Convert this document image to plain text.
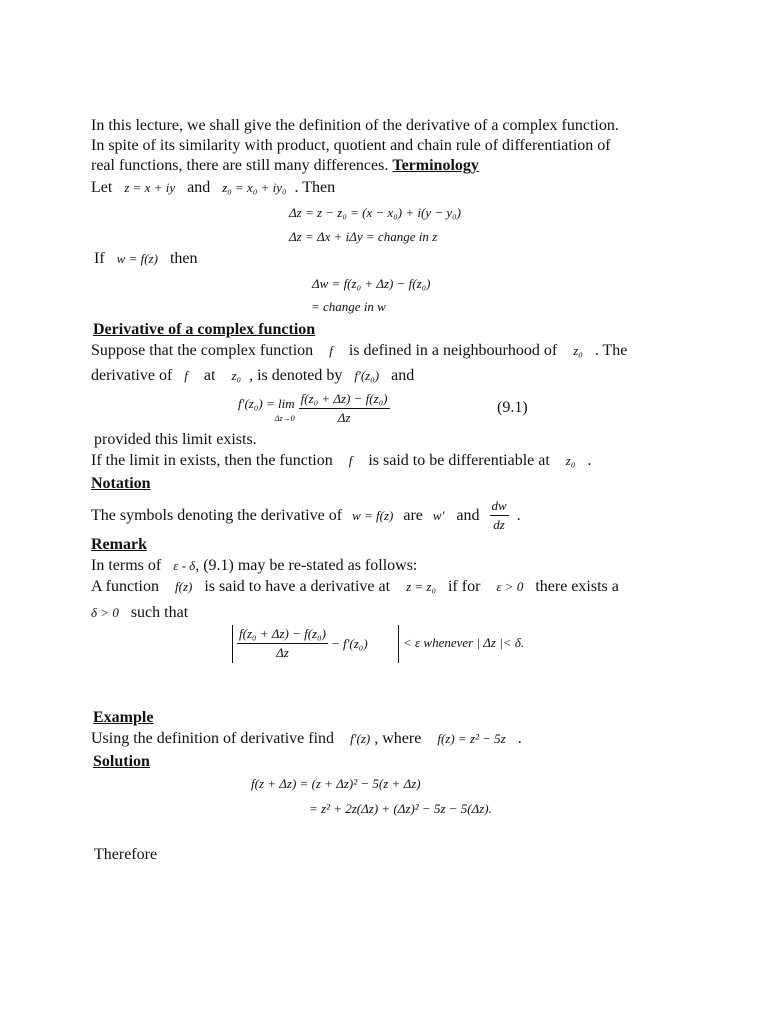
In this lecture, we shall give the definition of the derivative of a complex function.
In spite of its similarity with product, quotient and chain rule of differentiation of
real functions, there are still many differences. Terminology
Let z = x + iy and z₀ = x₀ + iy₀ . Then
Δz = z − z₀ = (x − x₀) + i(y − y₀)
Δz = Δx + iΔy = change in z
If w = f(z) then
Δw = f(z₀ + Δz) − f(z₀)
= change in w
Derivative of a complex function
Suppose that the complex function f is defined in a neighbourhood of z₀ . The
derivative of f at z₀ , is denoted by f′(z₀) and
f′(z₀) = lim
$\Delta z\to 0 \frac{\text{f(z₀ + Δz) − f(z₀)}}{\Delta z}$	(9.1)
provided this limit exists.
If the limit in exists, then the function f is said to be differentiable at z₀ .
Notation
The symbols denoting the derivative of w = f(z) are w′ and $\frac{dw}{dz}$ .
Remark
In terms of ε - δ, (9.1) may be re-stated as follows:
A function f(z) is said to have a derivative at z = z₀ if for ε > 0 there exists a
δ > 0 such that
$\frac{\text{f(z₀ + Δz) − f(z₀)}}{\Delta z} - f'(z_0)$	< ε whenever | Δz |< δ.
Example
Using the definition of derivative find f′(z) , where f(z) = z² − 5z .
Solution
f(z + Δz) = (z + Δz)² − 5(z + Δz)
= z² + 2z(Δz) + (Δz)² − 5z − 5(Δz).
Therefore
